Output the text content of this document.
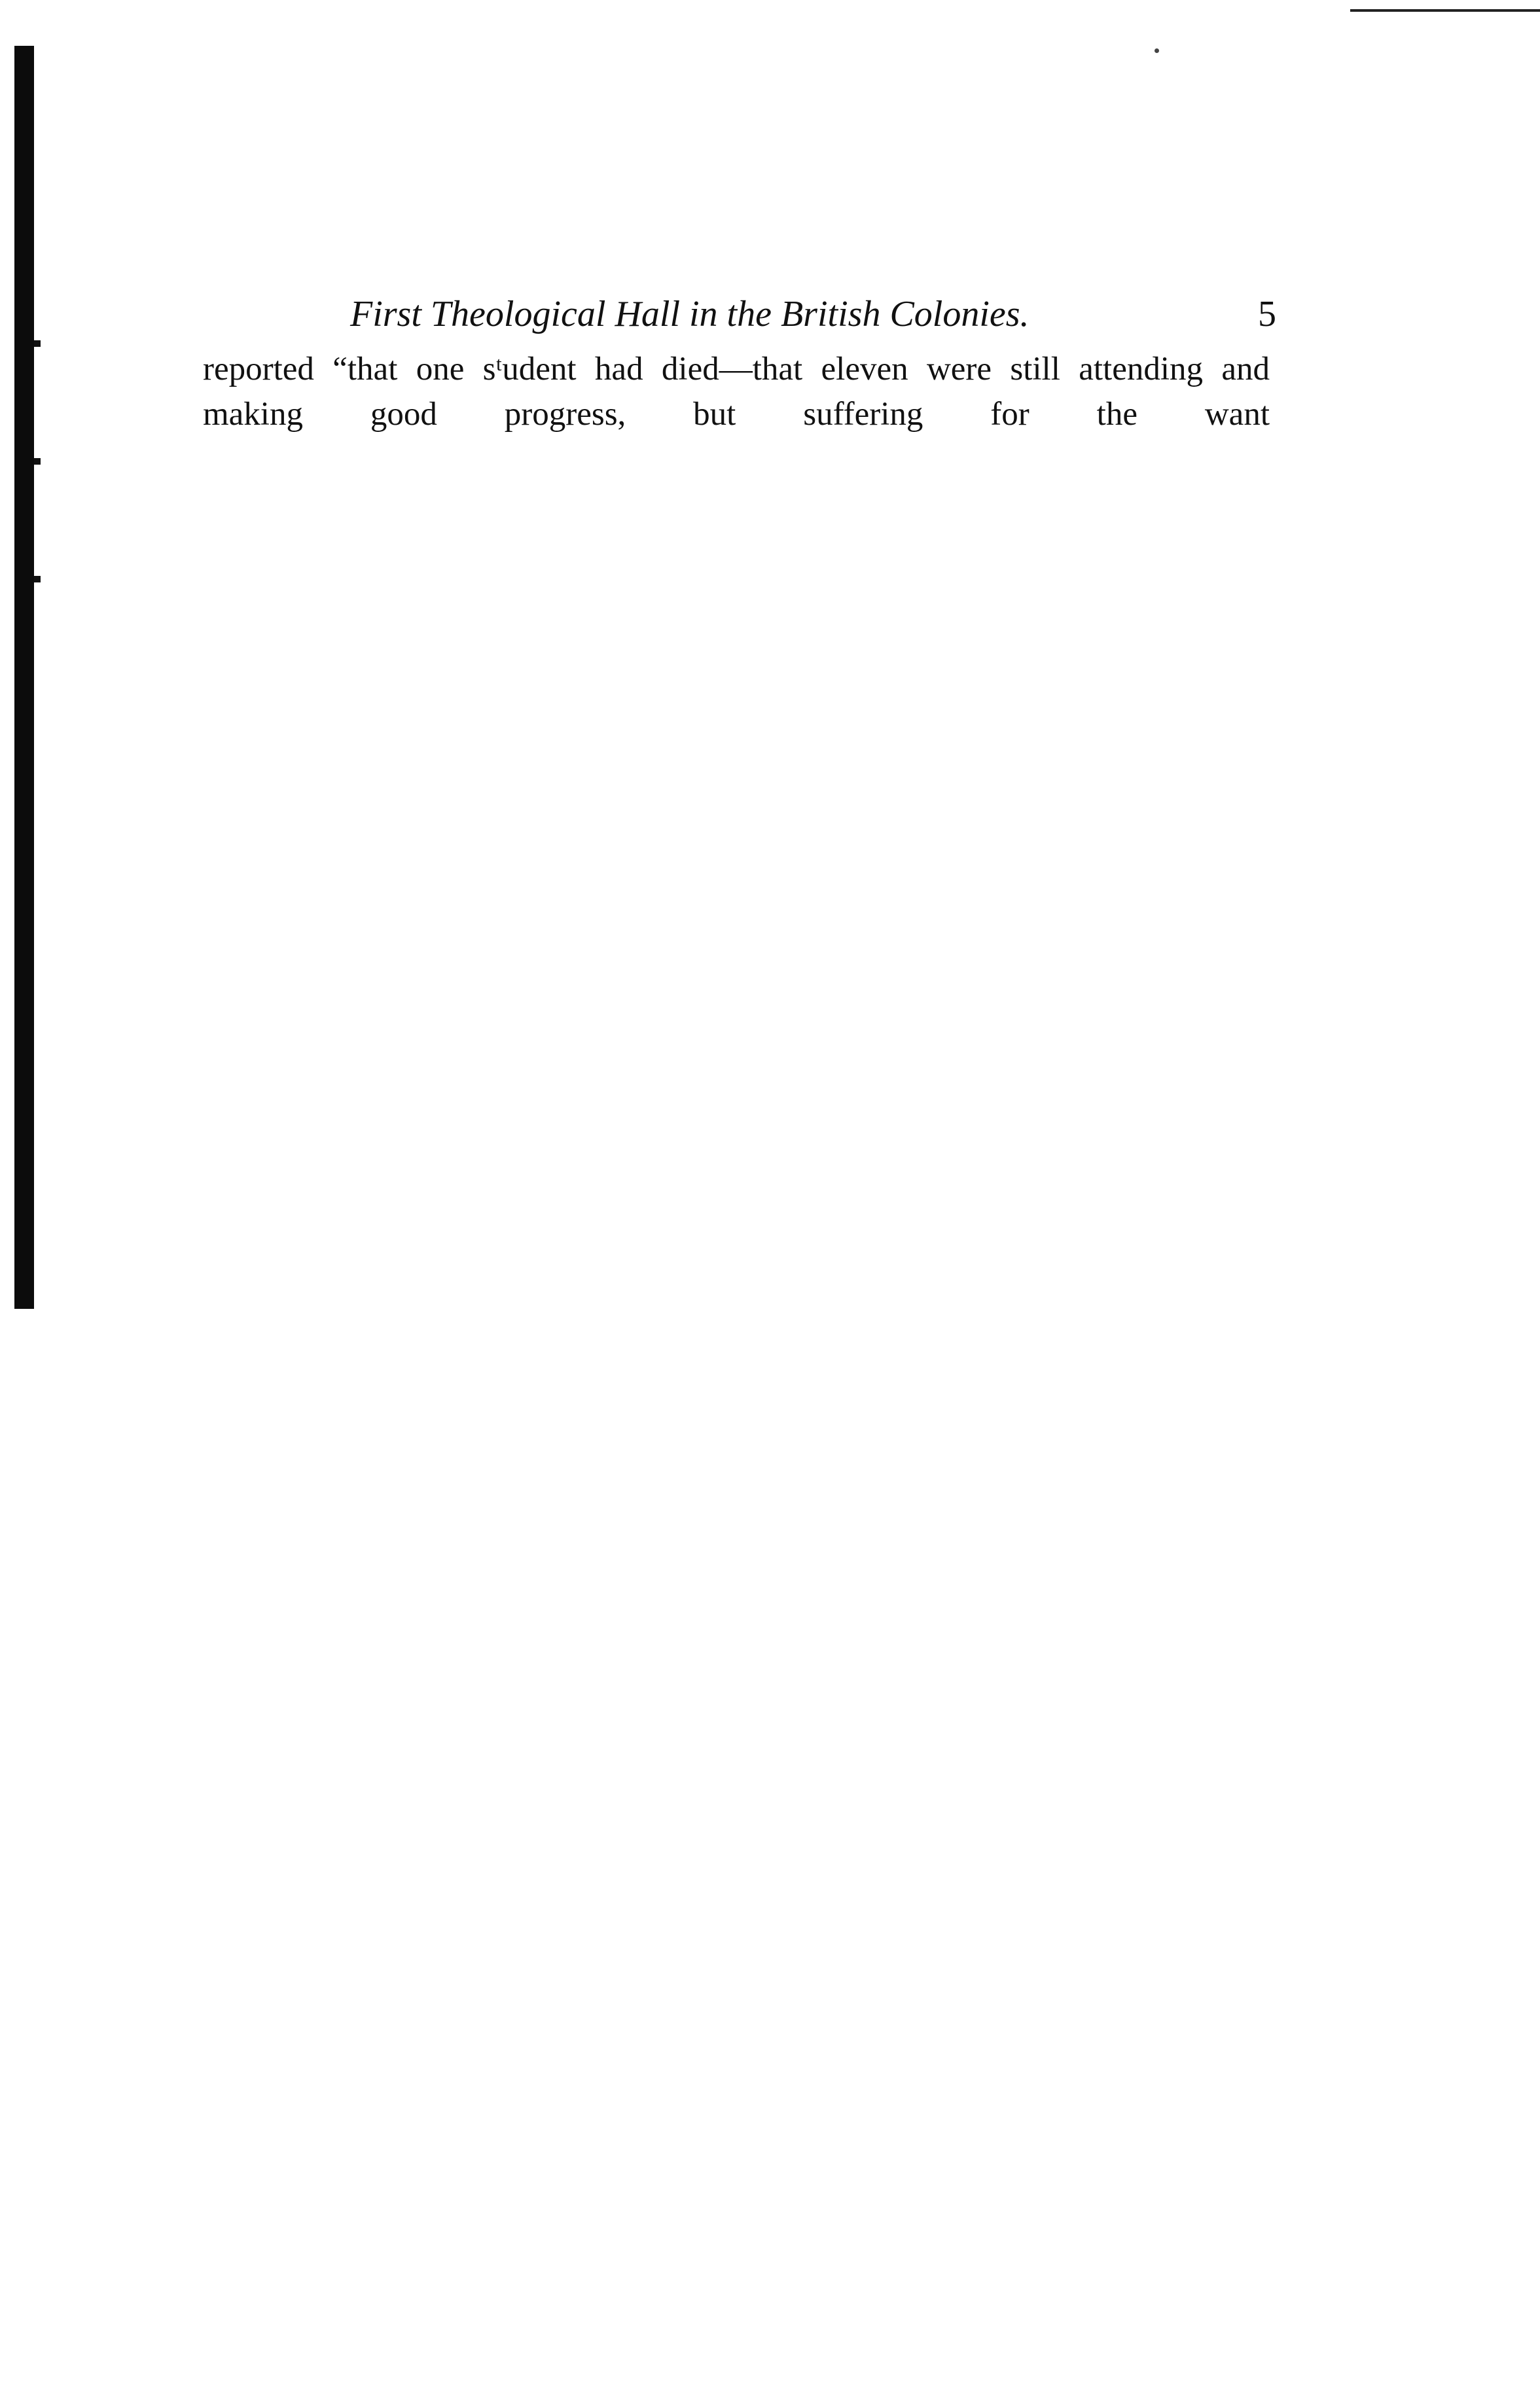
First Theological Hall in the British Colonies.	5

reported “that one sᵗudent had died—that eleven were still attending and making good progress, but suffering for the want
